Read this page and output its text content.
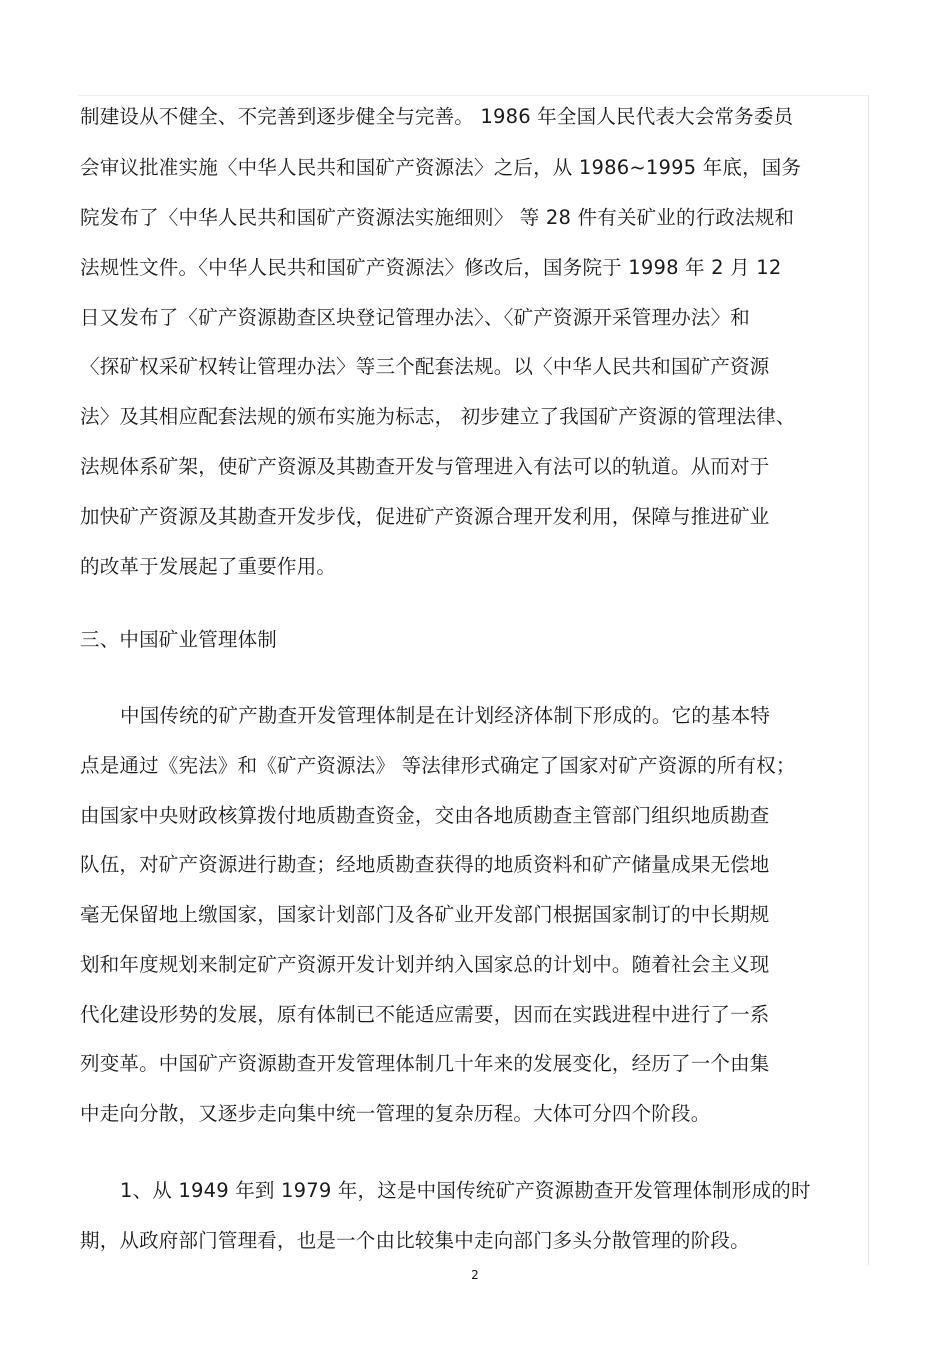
制建设从不健全、不完善到逐步健全与完善。 1986 年全国人民代表大会常务委员
会审议批准实施〈中华人民共和国矿产资源法〉之后，从 1986~1995 年底，国务
院发布了〈中华人民共和国矿产资源法实施细则〉 等 28 件有关矿业的行政法规和
法规性文件。〈中华人民共和国矿产资源法〉修改后，国务院于 1998 年 2 月 12
日又发布了〈矿产资源勘查区块登记管理办法〉、〈矿产资源开采管理办法〉和
〈探矿权采矿权转让管理办法〉等三个配套法规。以〈中华人民共和国矿产资源
法〉及其相应配套法规的颁布实施为标志， 初步建立了我国矿产资源的管理法律、
法规体系矿架，使矿产资源及其勘查开发与管理进入有法可以的轨道。从而对于
加快矿产资源及其勘查开发步伐，促进矿产资源合理开发利用，保障与推进矿业
的改革于发展起了重要作用。
三、中国矿业管理体制
中国传统的矿产勘查开发管理体制是在计划经济体制下形成的。它的基本特
点是通过《宪法》和《矿产资源法》 等法律形式确定了国家对矿产资源的所有权；
由国家中央财政核算拨付地质勘查资金，交由各地质勘查主管部门组织地质勘查
队伍，对矿产资源进行勘查；经地质勘查获得的地质资料和矿产储量成果无偿地
毫无保留地上缴国家，国家计划部门及各矿业开发部门根据国家制订的中长期规
划和年度规划来制定矿产资源开发计划并纳入国家总的计划中。随着社会主义现
代化建设形势的发展，原有体制已不能适应需要，因而在实践进程中进行了一系
列变革。中国矿产资源勘查开发管理体制几十年来的发展变化，经历了一个由集
中走向分散，又逐步走向集中统一管理的复杂历程。大体可分四个阶段。
1、从 1949 年到 1979 年，这是中国传统矿产资源勘查开发管理体制形成的时
期，从政府部门管理看，也是一个由比较集中走向部门多头分散管理的阶段。
2
